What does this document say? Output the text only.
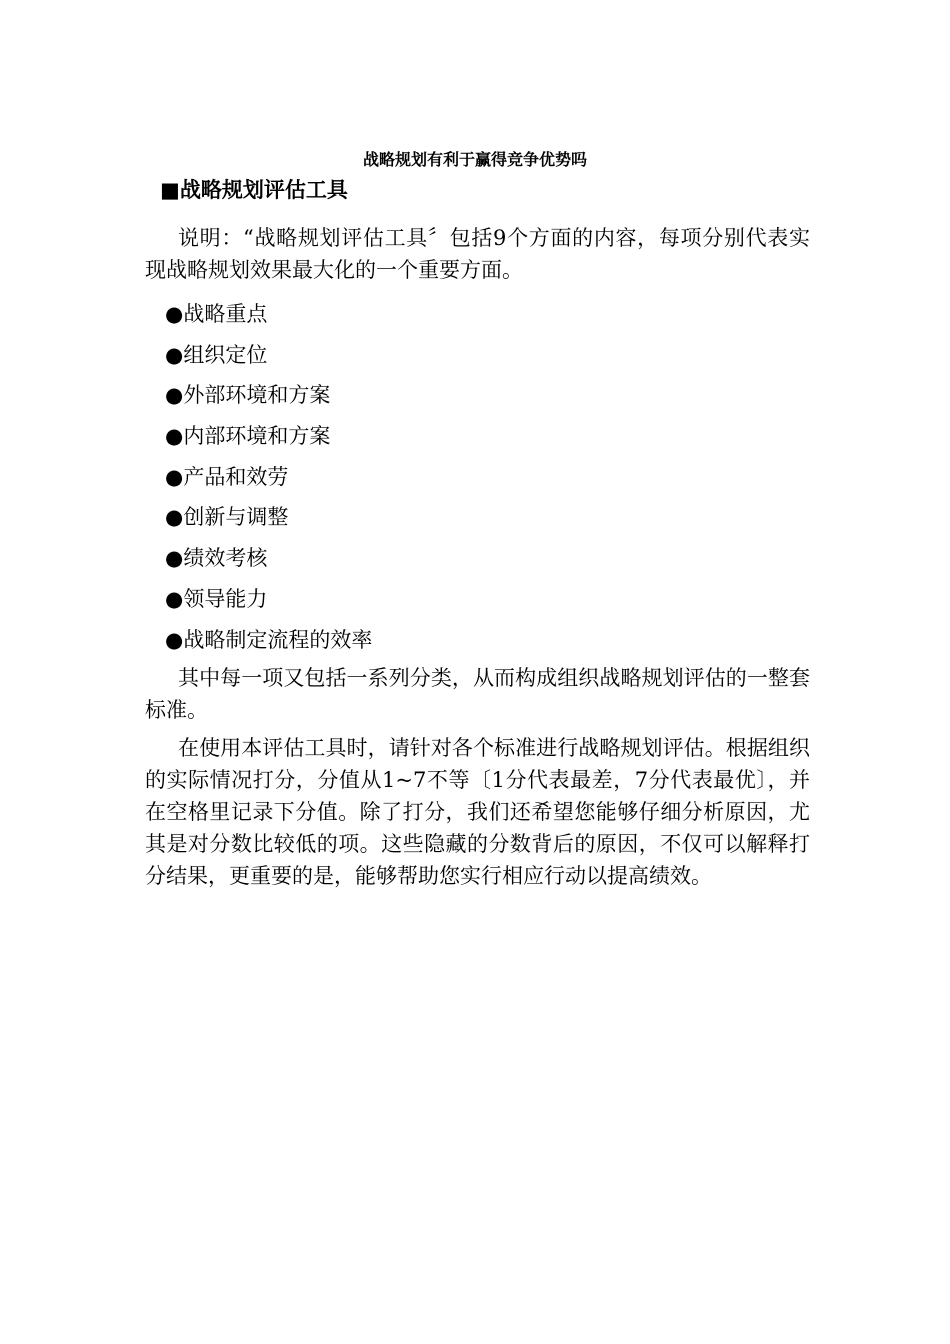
战略规划有利于赢得竞争优势吗
■战略规划评估工具

说明：“战略规划评估工具〞包括9个方面的内容，每项分别代表实现战略规划效果最大化的一个重要方面。

●战略重点
●组织定位
●外部环境和方案
●内部环境和方案
●产品和效劳
●创新与调整
●绩效考核
●领导能力
●战略制定流程的效率

其中每一项又包括一系列分类，从而构成组织战略规划评估的一整套标准。

在使用本评估工具时，请针对各个标准进行战略规划评估。根据组织的实际情况打分，分值从1~7不等〔1分代表最差，7分代表最优〕，并在空格里记录下分值。除了打分，我们还希望您能够仔细分析原因，尤其是对分数比较低的项。这些隐藏的分数背后的原因，不仅可以解释打分结果，更重要的是，能够帮助您实行相应行动以提高绩效。
